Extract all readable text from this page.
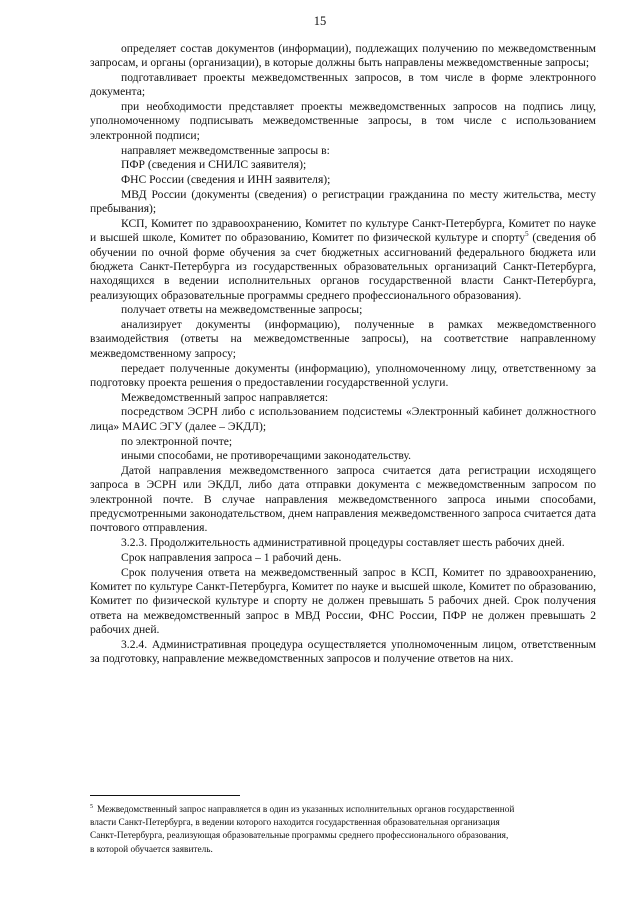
15

определяет состав документов (информации), подлежащих получению по межведомственным запросам, и органы (организации), в которые должны быть направлены межведомственные запросы;

подготавливает проекты межведомственных запросов, в том числе в форме электронного документа;

при необходимости представляет проекты межведомственных запросов на подпись лицу, уполномоченному подписывать межведомственные запросы, в том числе с использованием электронной подписи;

направляет межведомственные запросы в:

ПФР (сведения и СНИЛС заявителя);

ФНС России (сведения и ИНН заявителя);

МВД России (документы (сведения) о регистрации гражданина по месту жительства, месту пребывания);

КСП, Комитет по здравоохранению, Комитет по культуре Санкт-Петербурга, Комитет по науке и высшей школе, Комитет по образованию, Комитет по физической культуре и спорту$^5$ (сведения об обучении по очной форме обучения за счет бюджетных ассигнований федерального бюджета или бюджета Санкт-Петербурга из государственных образовательных организаций Санкт-Петербурга, находящихся в ведении исполнительных органов государственной власти Санкт-Петербурга, реализующих образовательные программы среднего профессионального образования).

получает ответы на межведомственные запросы;

анализирует документы (информацию), полученные в рамках межведомственного взаимодействия (ответы на межведомственные запросы), на соответствие направленному межведомственному запросу;

передает полученные документы (информацию), уполномоченному лицу, ответственному за подготовку проекта решения о предоставлении государственной услуги.

Межведомственный запрос направляется:

посредством ЭСРН либо с использованием подсистемы «Электронный кабинет должностного лица» МАИС ЭГУ (далее – ЭКДЛ);

по электронной почте;

иными способами, не противоречащими законодательству.

Датой направления межведомственного запроса считается дата регистрации исходящего запроса в ЭСРН или ЭКДЛ, либо дата отправки документа с межведомственным запросом по электронной почте. В случае направления межведомственного запроса иными способами, предусмотренными законодательством, днем направления межведомственного запроса считается дата почтового отправления.

3.2.3. Продолжительность административной процедуры составляет шесть рабочих дней.

Срок направления запроса – 1 рабочий день.

Срок получения ответа на межведомственный запрос в КСП, Комитет по здравоохранению, Комитет по культуре Санкт-Петербурга, Комитет по науке и высшей школе, Комитет по образованию, Комитет по физической культуре и спорту не должен превышать 5 рабочих дней. Срок получения ответа на межведомственный запрос в МВД России, ФНС России, ПФР не должен превышать 2 рабочих дней.

3.2.4. Административная процедура осуществляется уполномоченным лицом, ответственным за подготовку, направление межведомственных запросов и получение ответов на них.

$^5$ Межведомственный запрос направляется в один из указанных исполнительных органов государственной

власти Санкт-Петербурга, в ведении которого находится государственная образовательная организация

Санкт-Петербурга, реализующая образовательные программы среднего профессионального образования,

в которой обучается заявитель.
